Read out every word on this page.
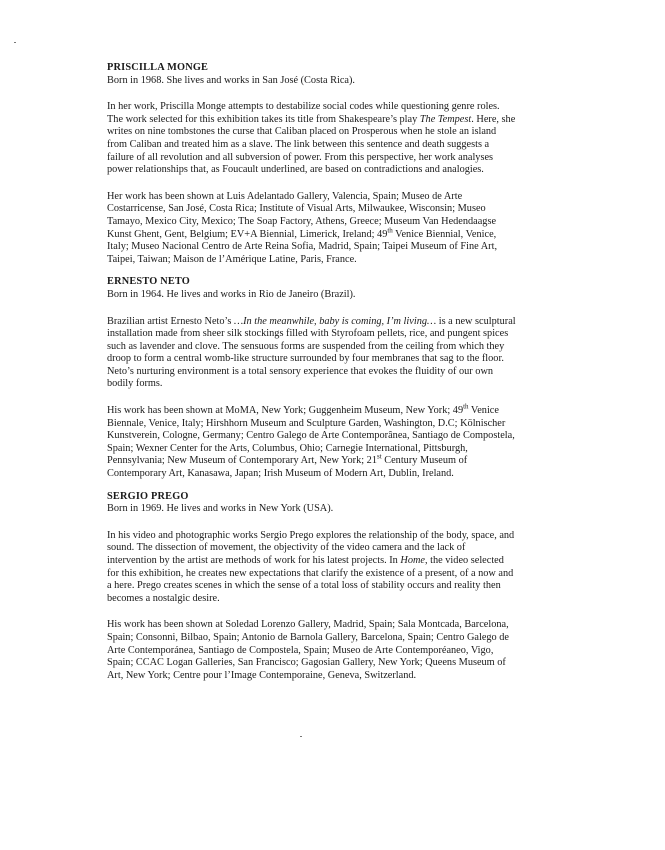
PRISCILLA MONGE

Born in 1968. She lives and works in San José (Costa Rica).

In her work, Priscilla Monge attempts to destabilize social codes while questioning genre roles. The work selected for this exhibition takes its title from Shakespeare’s play The Tempest. Here, she writes on nine tombstones the curse that Caliban placed on Prosperous when he stole an island from Caliban and treated him as a slave. The link between this sentence and death suggests a failure of all revolution and all subversion of power. From this perspective, her work analyses power relationships that, as Foucault underlined, are based on contradictions and analogies.

Her work has been shown at Luis Adelantado Gallery, Valencia, Spain; Museo de Arte Costarricense, San José, Costa Rica; Institute of Visual Arts, Milwaukee, Wisconsin; Museo Tamayo, Mexico City, Mexico; The Soap Factory, Athens, Greece; Museum Van Hedendaagse Kunst Ghent, Gent, Belgium; EV+A Biennial, Limerick, Ireland; 49th Venice Biennial, Venice, Italy; Museo Nacional Centro de Arte Reina Sofia, Madrid, Spain; Taipei Museum of Fine Art, Taipei, Taiwan; Maison de l’Amérique Latine, Paris, France.

ERNESTO NETO

Born in 1964. He lives and works in Rio de Janeiro (Brazil).

Brazilian artist Ernesto Neto’s …In the meanwhile, baby is coming, I’m living… is a new sculptural installation made from sheer silk stockings filled with Styrofoam pellets, rice, and pungent spices such as lavender and clove. The sensuous forms are suspended from the ceiling from which they droop to form a central womb-like structure surrounded by four membranes that sag to the floor. Neto’s nurturing environment is a total sensory experience that evokes the fluidity of our own bodily forms.

His work has been shown at MoMA, New York; Guggenheim Museum, New York; 49th Venice Biennale, Venice, Italy; Hirshhorn Museum and Sculpture Garden, Washington, D.C; Kölnischer Kunstverein, Cologne, Germany; Centro Galego de Arte Contemporânea, Santiago de Compostela, Spain; Wexner Center for the Arts, Columbus, Ohio; Carnegie International, Pittsburgh, Pennsylvania; New Museum of Contemporary Art, New York; 21st Century Museum of Contemporary Art, Kanasawa, Japan; Irish Museum of Modern Art, Dublin, Ireland.

SERGIO PREGO

Born in 1969. He lives and works in New York (USA).

In his video and photographic works Sergio Prego explores the relationship of the body, space, and sound. The dissection of movement, the objectivity of the video camera and the lack of intervention by the artist are methods of work for his latest projects. In Home, the video selected for this exhibition, he creates new expectations that clarify the existence of a present, of a now and a here. Prego creates scenes in which the sense of a total loss of stability occurs and reality then becomes a nostalgic desire.

His work has been shown at Soledad Lorenzo Gallery, Madrid, Spain; Sala Montcada, Barcelona, Spain; Consonni, Bilbao, Spain; Antonio de Barnola Gallery, Barcelona, Spain; Centro Galego de Arte Contemporánea, Santiago de Compostela, Spain; Museo de Arte Contemporéaneo, Vigo, Spain; CCAC Logan Galleries, San Francisco; Gagosian Gallery, New York; Queens Museum of Art, New York; Centre pour l’Image Contemporaine, Geneva, Switzerland.
